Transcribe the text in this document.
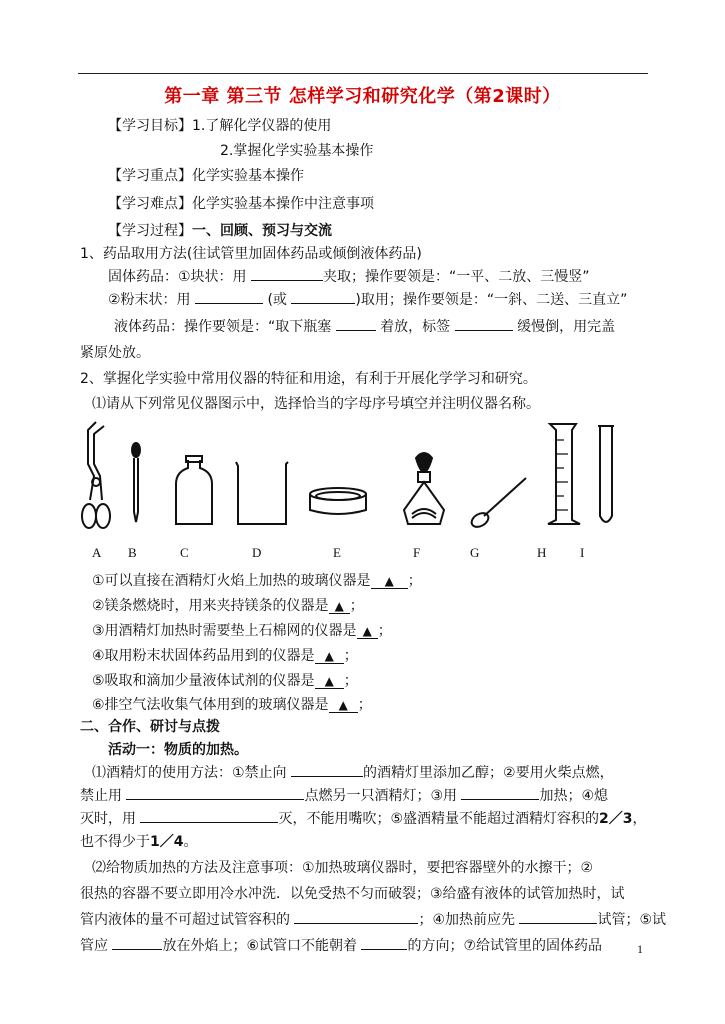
第一章 第三节 怎样学习和研究化学（第2课时）
【学习目标】1.了解化学仪器的使用
2.掌握化学实验基本操作
【学习重点】化学实验基本操作
【学习难点】化学实验基本操作中注意事项
【学习过程】一、回顾、预习与交流
1、药品取用方法(往试管里加固体药品或倾倒液体药品)
固体药品：①块状：用	夹取；操作要领是：“一平、二放、三慢竖”
②粉末状：用	(或	)取用；操作要领是：“一斜、二送、三直立”
液体药品：操作要领是：“取下瓶塞	着放，标签	缓慢倒，用完盖
紧原处放。
2、掌握化学实验中常用仪器的特征和用途，有利于开展化学学习和研究。
⑴请从下列常见仪器图示中，选择恰当的字母序号填空并注明仪器名称。
A B	C	D	E	F	G	H	I
①可以直接在酒精灯火焰上加热的玻璃仪器是 ▲ ；
②镁条燃烧时，用来夹持镁条的仪器是 ▲ ；
③用酒精灯加热时需要垫上石棉网的仪器是 ▲ ；
④取用粉末状固体药品用到的仪器是 ▲ ；
⑤吸取和滴加少量液体试剂的仪器是 ▲ ；
⑥排空气法收集气体用到的玻璃仪器是 ▲ ；
二、合作、研讨与点拨
活动一：物质的加热。
⑴酒精灯的使用方法：①禁止向	的酒精灯里添加乙醇；②要用火柴点燃，
禁止用	点燃另一只酒精灯；③用	加热；④熄
灭时，用	灭，不能用嘴吹；⑤盛酒精量不能超过酒精灯容积的2／3，
也不得少于1／4。
⑵给物质加热的方法及注意事项：①加热玻璃仪器时，要把容器壁外的水擦干；②
很热的容器不要立即用冷水冲洗．以免受热不匀而破裂；③给盛有液体的试管加热时，试
管内液体的量不可超过试管容积的	；④加热前应先	试管；⑤试
管应	放在外焰上；⑥试管口不能朝着	的方向；⑦给试管里的固体药品	1
